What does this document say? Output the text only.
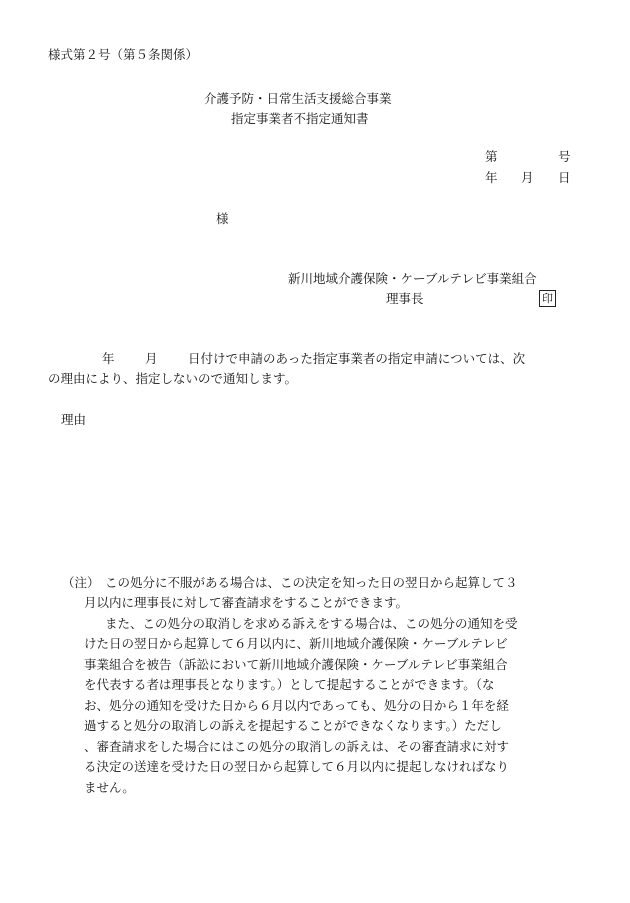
様式第２号（第５条関係）
介護予防・日常生活支援総合事業
指定事業者不指定通知書
第	号
年 月 日
様
新川地域介護保険・ケーブルテレビ事業組合
理事長	印
年 月 日付けで申請のあった指定事業者の指定申請については、次
の理由により、指定しないので通知します。
理由
（注） この処分に不服がある場合は、この決定を知った日の翌日から起算して３
月以内に理事長に対して審査請求をすることができます。
また、この処分の取消しを求める訴えをする場合は、この処分の通知を受
けた日の翌日から起算して６月以内に、新川地域介護保険・ケーブルテレビ
事業組合を被告（訴訟において新川地域介護保険・ケーブルテレビ事業組合
を代表する者は理事長となります。）として提起することができます。（な
お、処分の通知を受けた日から６月以内であっても、処分の日から１年を経
過すると処分の取消しの訴えを提起することができなくなります。）ただし
、審査請求をした場合にはこの処分の取消しの訴えは、その審査請求に対す
る決定の送達を受けた日の翌日から起算して６月以内に提起しなければなり
ません。
